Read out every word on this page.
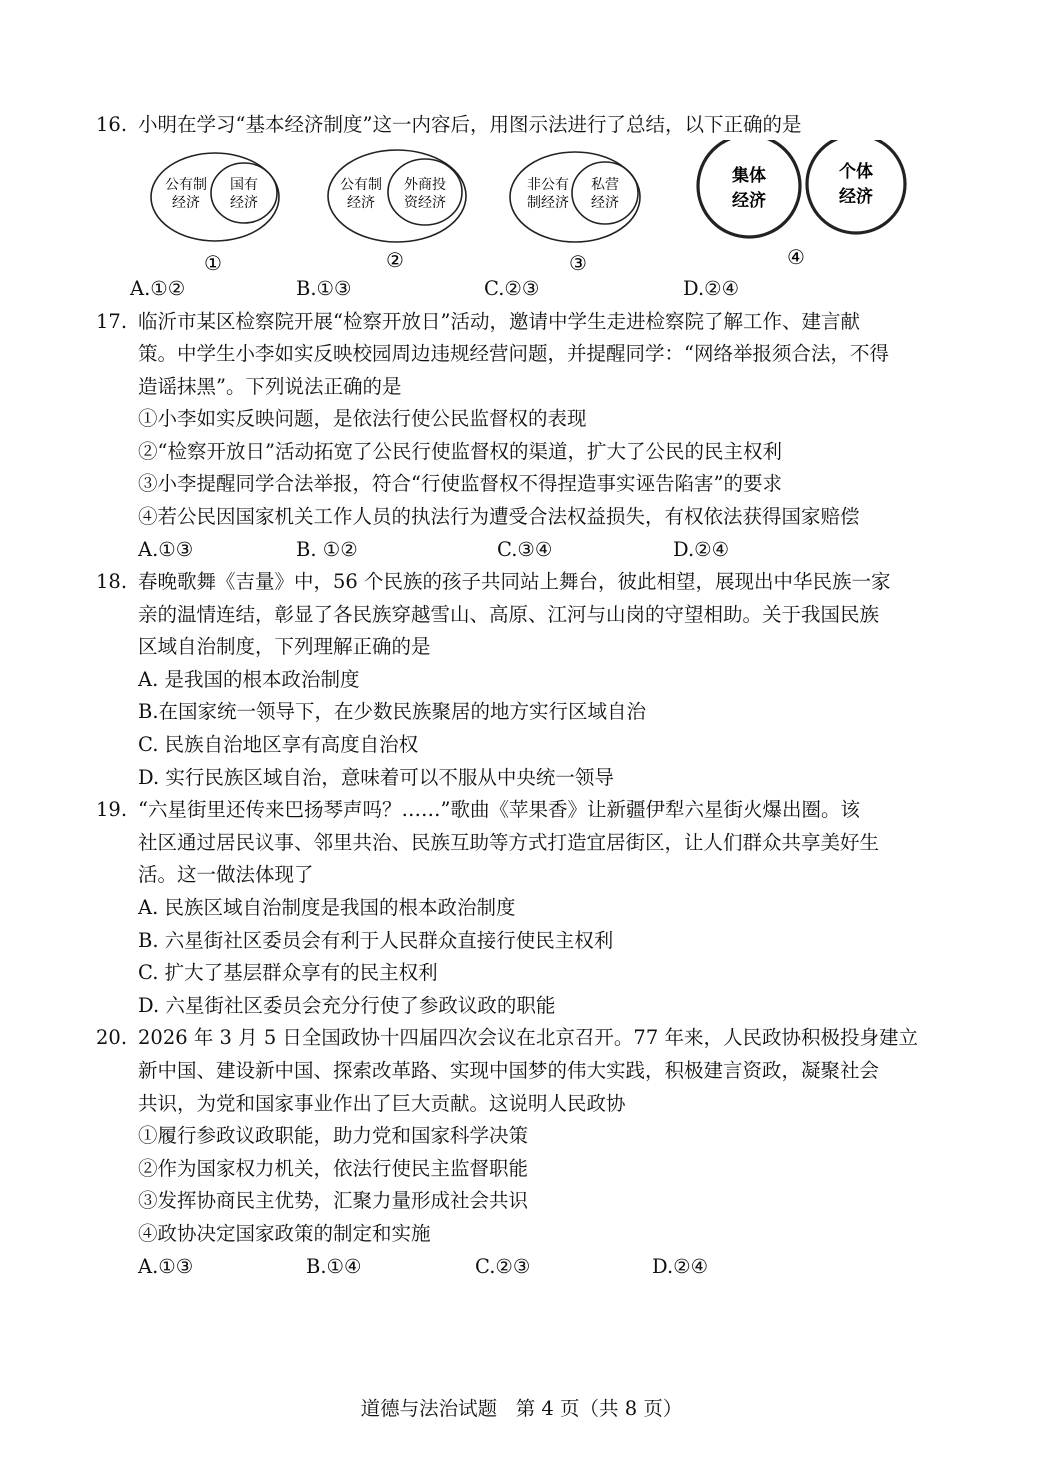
16. 小明在学习“基本经济制度”这一内容后，用图示法进行了总结，以下正确的是
公有制
经济
国有
经济
①
公有制
经济
外商投
资经济
②
非公有
制经济
私营
经济
③
集体
经济
个体
经济
④
A.①②	B.①③	C.②③	D.②④
17. 临沂市某区检察院开展“检察开放日”活动，邀请中学生走进检察院了解工作、建言献
策。中学生小李如实反映校园周边违规经营问题，并提醒同学：“网络举报须合法，不得
造谣抹黑”。下列说法正确的是
①小李如实反映问题，是依法行使公民监督权的表现
②“检察开放日”活动拓宽了公民行使监督权的渠道，扩大了公民的民主权利
③小李提醒同学合法举报，符合“行使监督权不得捏造事实诬告陷害”的要求
④若公民因国家机关工作人员的执法行为遭受合法权益损失，有权依法获得国家赔偿
A.①③	B. ①②	C.③④	D.②④
18. 春晚歌舞《吉量》中，56 个民族的孩子共同站上舞台，彼此相望，展现出中华民族一家
亲的温情连结，彰显了各民族穿越雪山、高原、江河与山岗的守望相助。关于我国民族
区域自治制度，下列理解正确的是
A. 是我国的根本政治制度
B.在国家统一领导下，在少数民族聚居的地方实行区域自治
C. 民族自治地区享有高度自治权
D. 实行民族区域自治，意味着可以不服从中央统一领导
19. “六星街里还传来巴扬琴声吗？……”歌曲《苹果香》让新疆伊犁六星街火爆出圈。该
社区通过居民议事、邻里共治、民族互助等方式打造宜居街区，让人们群众共享美好生
活。这一做法体现了
A. 民族区域自治制度是我国的根本政治制度
B. 六星街社区委员会有利于人民群众直接行使民主权利
C. 扩大了基层群众享有的民主权利
D. 六星街社区委员会充分行使了参政议政的职能
20. 2026 年 3 月 5 日全国政协十四届四次会议在北京召开。77 年来，人民政协积极投身建立
新中国、建设新中国、探索改革路、实现中国梦的伟大实践，积极建言资政，凝聚社会
共识，为党和国家事业作出了巨大贡献。这说明人民政协
①履行参政议政职能，助力党和国家科学决策
②作为国家权力机关，依法行使民主监督职能
③发挥协商民主优势，汇聚力量形成社会共识
④政协决定国家政策的制定和实施
A.①③	B.①④	C.②③	D.②④
道德与法治试题   第 4 页（共 8 页）
